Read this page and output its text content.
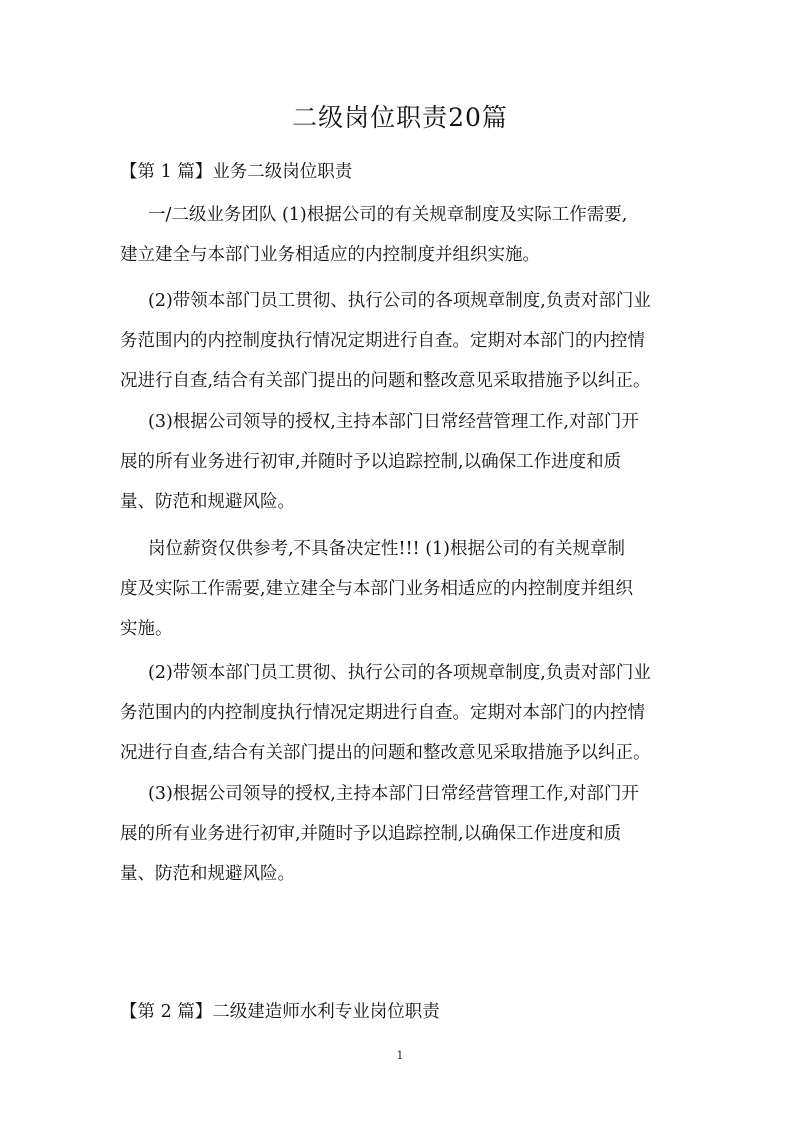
二级岗位职责20篇
【第 1 篇】业务二级岗位职责
一/二级业务团队 (1)根据公司的有关规章制度及实际工作需要,
建立建全与本部门业务相适应的内控制度并组织实施。
(2)带领本部门员工贯彻、执行公司的各项规章制度,负责对部门业
务范围内的内控制度执行情况定期进行自查。定期对本部门的内控情
况进行自查,结合有关部门提出的问题和整改意见采取措施予以纠正。
(3)根据公司领导的授权,主持本部门日常经营管理工作,对部门开
展的所有业务进行初审,并随时予以追踪控制,以确保工作进度和质
量、防范和规避风险。
岗位薪资仅供参考,不具备决定性!!! (1)根据公司的有关规章制
度及实际工作需要,建立建全与本部门业务相适应的内控制度并组织
实施。
(2)带领本部门员工贯彻、执行公司的各项规章制度,负责对部门业
务范围内的内控制度执行情况定期进行自查。定期对本部门的内控情
况进行自查,结合有关部门提出的问题和整改意见采取措施予以纠正。
(3)根据公司领导的授权,主持本部门日常经营管理工作,对部门开
展的所有业务进行初审,并随时予以追踪控制,以确保工作进度和质
量、防范和规避风险。
【第 2 篇】二级建造师水利专业岗位职责
1
